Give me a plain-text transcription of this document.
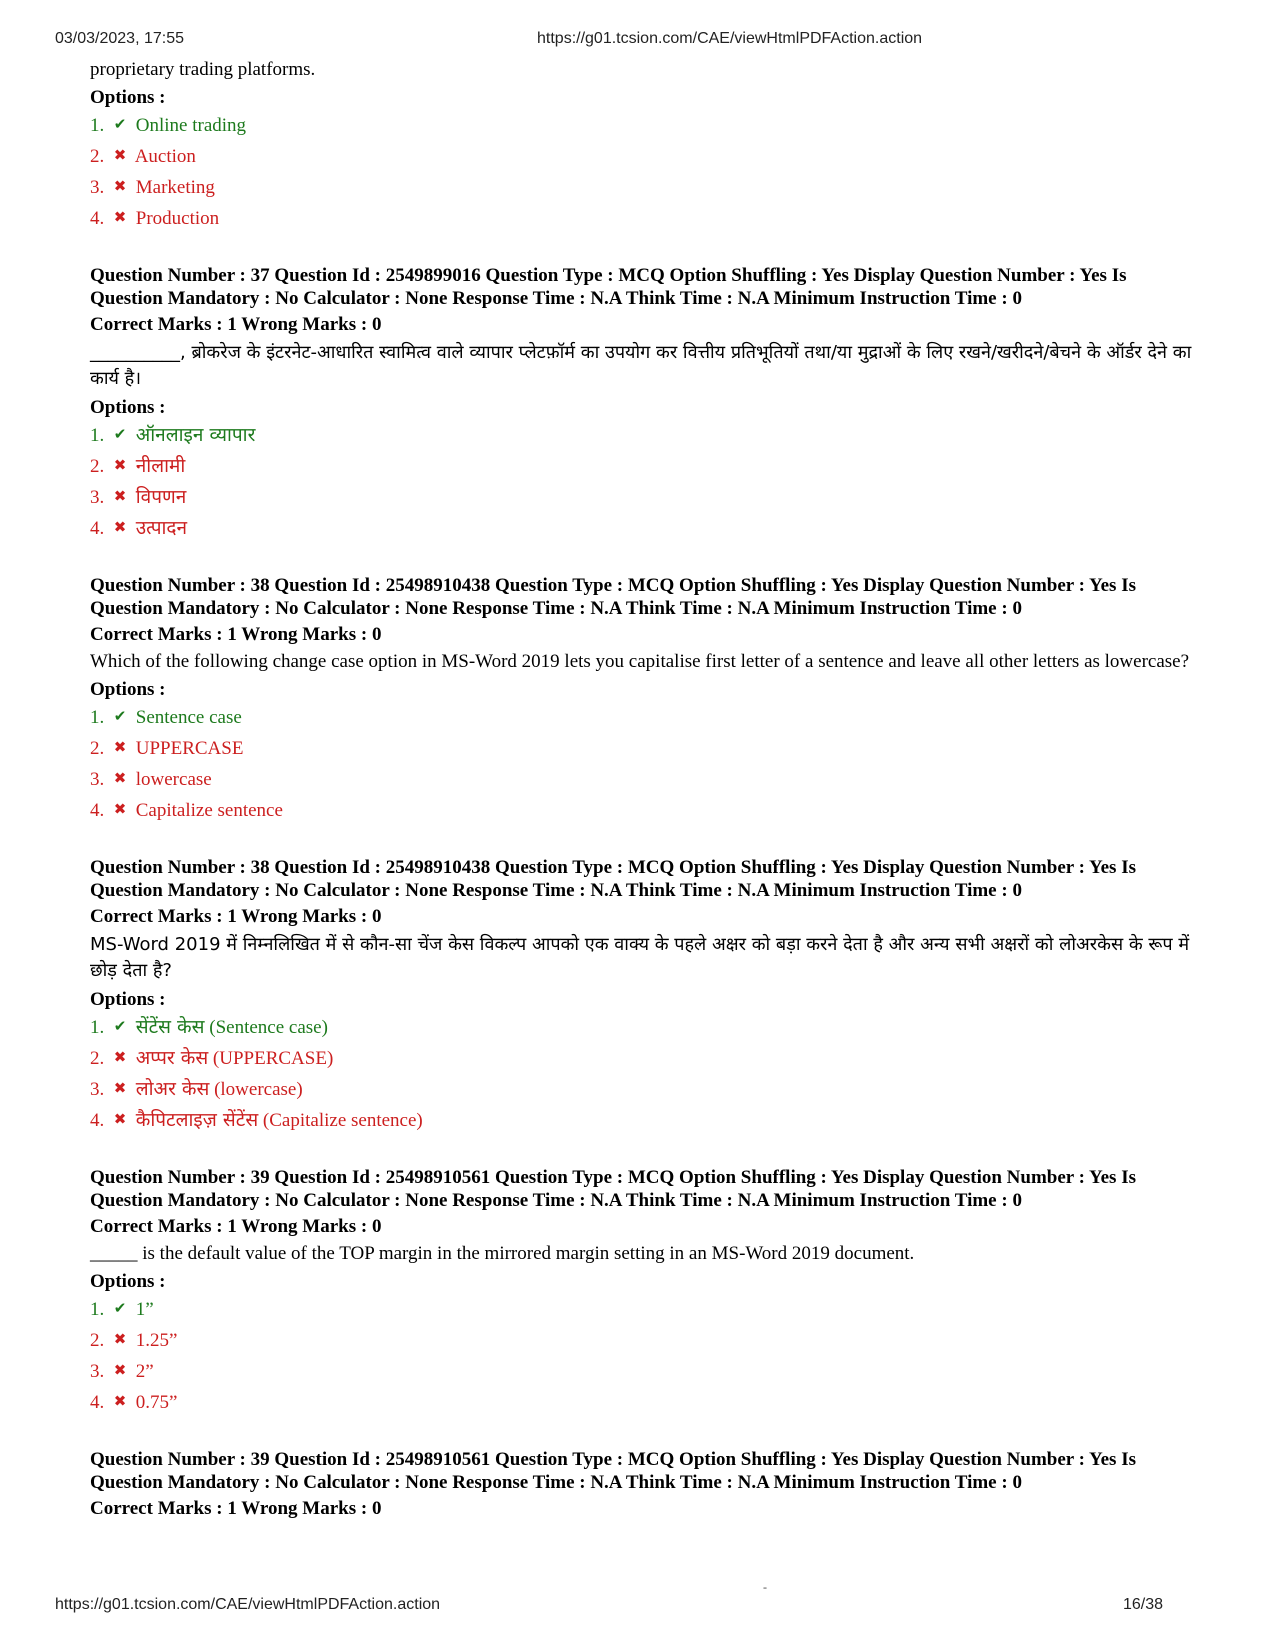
03/03/2023, 17:55	https://g01.tcsion.com/CAE/viewHtmlPDFAction.action
proprietary trading platforms.
Options :
1. ✔ Online trading
2. ✖ Auction
3. ✖ Marketing
4. ✖ Production
Question Number : 37 Question Id : 2549899016 Question Type : MCQ Option Shuffling : Yes Display Question Number : Yes Is Question Mandatory : No Calculator : None Response Time : N.A Think Time : N.A Minimum Instruction Time : 0
Correct Marks : 1 Wrong Marks : 0
__________, ब्रोकरेज के इंटरनेट-आधारित स्वामित्व वाले व्यापार प्लेटफ़ॉर्म का उपयोग कर वित्तीय प्रतिभूतियों तथा/या मुद्राओं के लिए रखने/खरीदने/बेचने के ऑर्डर देने का कार्य है।
Options :
1. ✔ ऑनलाइन व्यापार
2. ✖ नीलामी
3. ✖ विपणन
4. ✖ उत्पादन
Question Number : 38 Question Id : 25498910438 Question Type : MCQ Option Shuffling : Yes Display Question Number : Yes Is Question Mandatory : No Calculator : None Response Time : N.A Think Time : N.A Minimum Instruction Time : 0
Correct Marks : 1 Wrong Marks : 0
Which of the following change case option in MS-Word 2019 lets you capitalise first letter of a sentence and leave all other letters as lowercase?
Options :
1. ✔ Sentence case
2. ✖ UPPERCASE
3. ✖ lowercase
4. ✖ Capitalize sentence
Question Number : 38 Question Id : 25498910438 Question Type : MCQ Option Shuffling : Yes Display Question Number : Yes Is Question Mandatory : No Calculator : None Response Time : N.A Think Time : N.A Minimum Instruction Time : 0
Correct Marks : 1 Wrong Marks : 0
MS-Word 2019 में निम्नलिखित में से कौन-सा चेंज केस विकल्प आपको एक वाक्य के पहले अक्षर को बड़ा करने देता है और अन्य सभी अक्षरों को लोअरकेस के रूप में छोड़ देता है?
Options :
1. ✔ सेंटेंस केस (Sentence case)
2. ✖ अप्पर केस (UPPERCASE)
3. ✖ लोअर केस (lowercase)
4. ✖ कैपिटलाइज़ सेंटेंस (Capitalize sentence)
Question Number : 39 Question Id : 25498910561 Question Type : MCQ Option Shuffling : Yes Display Question Number : Yes Is Question Mandatory : No Calculator : None Response Time : N.A Think Time : N.A Minimum Instruction Time : 0
Correct Marks : 1 Wrong Marks : 0
_____ is the default value of the TOP margin in the mirrored margin setting in an MS-Word 2019 document.
Options :
1. ✔ 1”
2. ✖ 1.25”
3. ✖ 2”
4. ✖ 0.75”
Question Number : 39 Question Id : 25498910561 Question Type : MCQ Option Shuffling : Yes Display Question Number : Yes Is Question Mandatory : No Calculator : None Response Time : N.A Think Time : N.A Minimum Instruction Time : 0
Correct Marks : 1 Wrong Marks : 0
-
https://g01.tcsion.com/CAE/viewHtmlPDFAction.action	16/38
